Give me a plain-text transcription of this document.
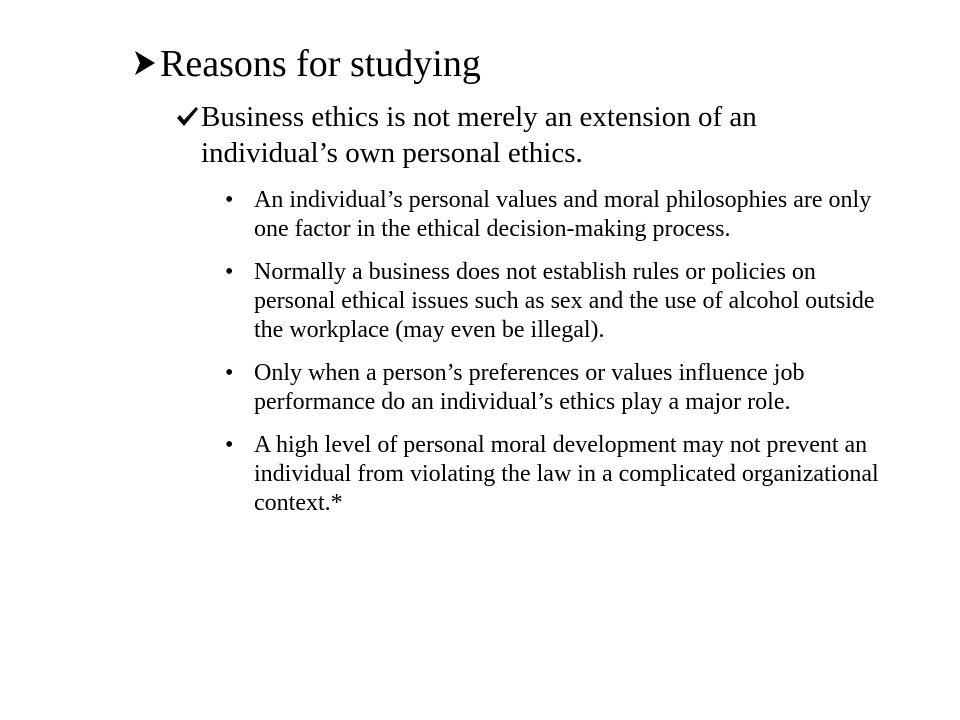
Reasons for studying
Business ethics is not merely an extension of an individual’s own personal ethics.
• An individual’s personal values and moral philosophies are only one factor in the ethical decision-making process.
• Normally a business does not establish rules or policies on personal ethical issues such as sex and the use of alcohol outside the workplace (may even be illegal).
• Only when a person’s preferences or values influence job performance do an individual’s ethics play a major role.
• A high level of personal moral development may not prevent an individual from violating the law in a complicated organizational context.*
